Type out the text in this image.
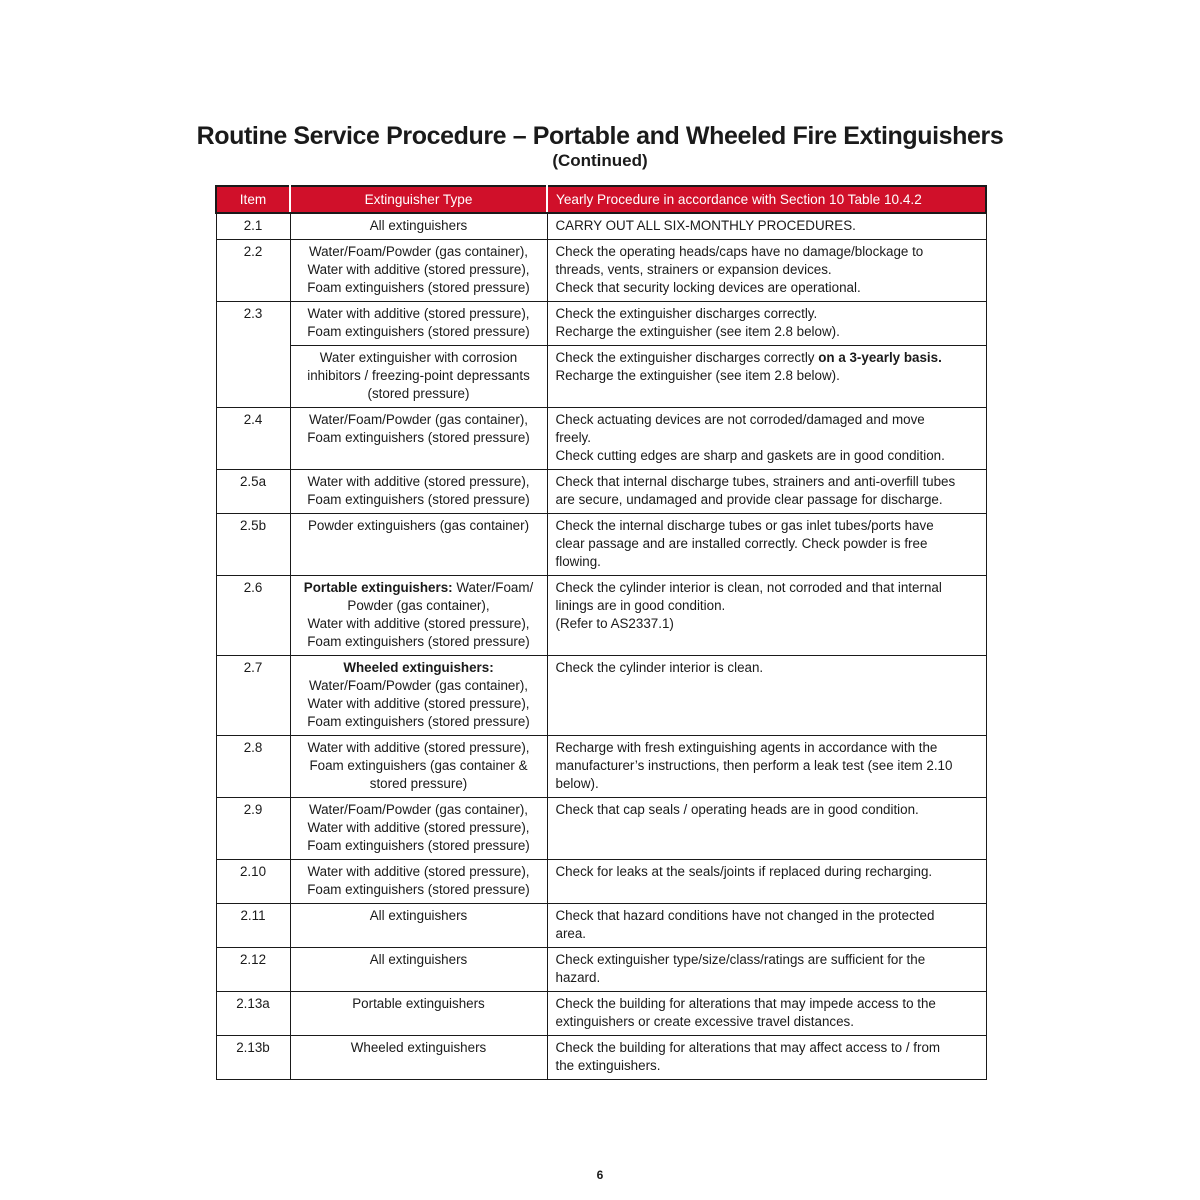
Routine Service Procedure – Portable and Wheeled Fire Extinguishers
(Continued)
Item	Extinguisher Type	Yearly Procedure in accordance with Section 10 Table 10.4.2
2.1	All extinguishers	CARRY OUT ALL SIX-MONTHLY PROCEDURES.
2.2	Water/Foam/Powder (gas container),
Water with additive (stored pressure),
Foam extinguishers (stored pressure)	Check the operating heads/caps have no damage/blockage to
threads, vents, strainers or expansion devices.
Check that security locking devices are operational.
2.3	Water with additive (stored pressure),
Foam extinguishers (stored pressure)	Check the extinguisher discharges correctly.
Recharge the extinguisher (see item 2.8 below).
	Water extinguisher with corrosion
inhibitors / freezing-point depressants
(stored pressure)	Check the extinguisher discharges correctly on a 3-yearly basis.
Recharge the extinguisher (see item 2.8 below).
2.4	Water/Foam/Powder (gas container),
Foam extinguishers (stored pressure)	Check actuating devices are not corroded/damaged and move
freely.
Check cutting edges are sharp and gaskets are in good condition.
2.5a	Water with additive (stored pressure),
Foam extinguishers (stored pressure)	Check that internal discharge tubes, strainers and anti-overfill tubes
are secure, undamaged and provide clear passage for discharge.
2.5b	Powder extinguishers (gas container)	Check the internal discharge tubes or gas inlet tubes/ports have
clear passage and are installed correctly. Check powder is free
flowing.
2.6	Portable extinguishers: Water/Foam/
Powder (gas container),
Water with additive (stored pressure),
Foam extinguishers (stored pressure)	Check the cylinder interior is clean, not corroded and that internal
linings are in good condition.
(Refer to AS2337.1)
2.7	Wheeled extinguishers:
Water/Foam/Powder (gas container),
Water with additive (stored pressure),
Foam extinguishers (stored pressure)	Check the cylinder interior is clean.
2.8	Water with additive (stored pressure),
Foam extinguishers (gas container &
stored pressure)	Recharge with fresh extinguishing agents in accordance with the
manufacturer’s instructions, then perform a leak test (see item 2.10
below).
2.9	Water/Foam/Powder (gas container),
Water with additive (stored pressure),
Foam extinguishers (stored pressure)	Check that cap seals / operating heads are in good condition.
2.10	Water with additive (stored pressure),
Foam extinguishers (stored pressure)	Check for leaks at the seals/joints if replaced during recharging.
2.11	All extinguishers	Check that hazard conditions have not changed in the protected
area.
2.12	All extinguishers	Check extinguisher type/size/class/ratings are sufficient for the
hazard.
2.13a	Portable extinguishers	Check the building for alterations that may impede access to the
extinguishers or create excessive travel distances.
2.13b	Wheeled extinguishers	Check the building for alterations that may affect access to / from
the extinguishers.
6
